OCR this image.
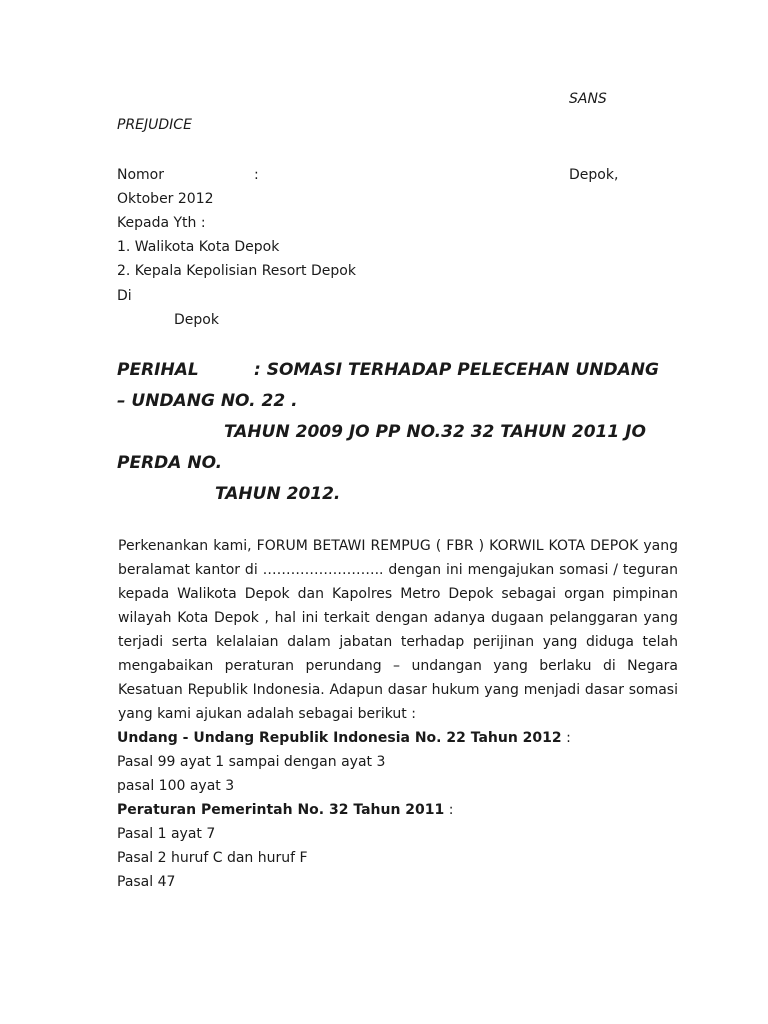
SANS
PREJUDICE
Nomor	:	Depok,
Oktober 2012
Kepada Yth :
1. Walikota Kota Depok
2. Kepala Kepolisian Resort Depok
Di
Depok
PERIHAL	: SOMASI TERHADAP PELECEHAN UNDANG
– UNDANG NO. 22 .
TAHUN 2009 JO PP NO.32 32 TAHUN 2011 JO
PERDA NO.
TAHUN 2012.
Perkenankan kami, FORUM BETAWI REMPUG ( FBR ) KORWIL KOTA DEPOK yang beralamat kantor di …………………….. dengan ini mengajukan somasi / teguran kepada Walikota Depok dan Kapolres Metro Depok sebagai organ pimpinan wilayah Kota Depok , hal ini terkait dengan adanya dugaan pelanggaran yang terjadi serta kelalaian dalam jabatan terhadap perijinan yang diduga telah mengabaikan peraturan perundang – undangan yang berlaku di Negara Kesatuan Republik Indonesia. Adapun dasar hukum yang menjadi dasar somasi yang kami ajukan adalah sebagai berikut :
Undang - Undang Republik Indonesia No. 22 Tahun 2012 :
Pasal 99 ayat 1 sampai dengan ayat 3
pasal 100 ayat 3
Peraturan Pemerintah No. 32 Tahun 2011 :
Pasal 1 ayat 7
Pasal 2 huruf C dan huruf F
Pasal 47
